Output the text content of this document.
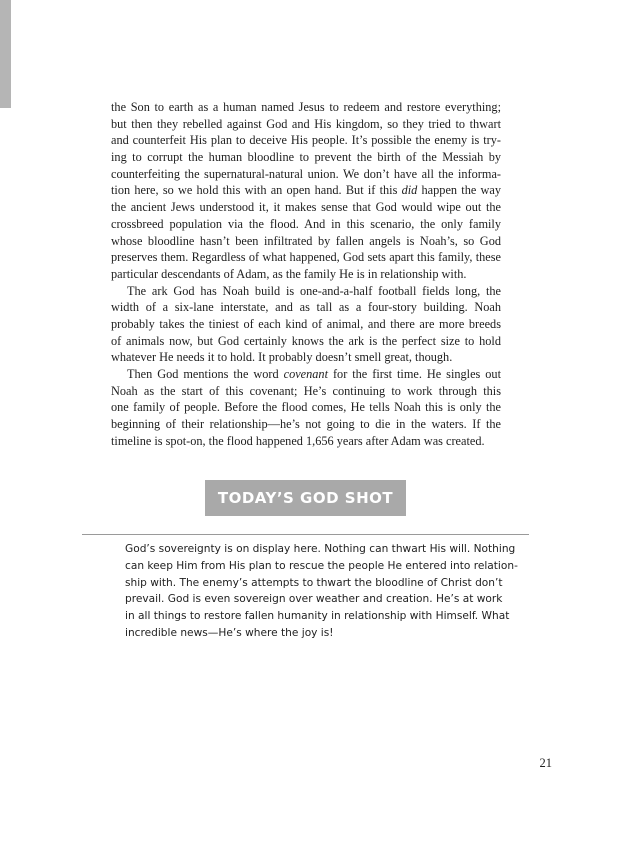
the Son to earth as a human named Jesus to redeem and restore everything;
but then they rebelled against God and His kingdom, so they tried to thwart
and counterfeit His plan to deceive His people. It’s possible the enemy is try-
ing to corrupt the human bloodline to prevent the birth of the Messiah by
counterfeiting the supernatural-natural union. We don’t have all the informa-
tion here, so we hold this with an open hand. But if this did happen the way
the ancient Jews understood it, it makes sense that God would wipe out the
crossbreed population via the flood. And in this scenario, the only family
whose bloodline hasn’t been infiltrated by fallen angels is Noah’s, so God
preserves them. Regardless of what happened, God sets apart this family, these
particular descendants of Adam, as the family He is in relationship with.
The ark God has Noah build is one-and-a-half football fields long, the
width of a six-lane interstate, and as tall as a four-story building. Noah
probably takes the tiniest of each kind of animal, and there are more breeds
of animals now, but God certainly knows the ark is the perfect size to hold
whatever He needs it to hold. It probably doesn’t smell great, though.
Then God mentions the word covenant for the first time. He singles out
Noah as the start of this covenant; He’s continuing to work through this
one family of people. Before the flood comes, He tells Noah this is only the
beginning of their relationship—he’s not going to die in the waters. If the
timeline is spot-on, the flood happened 1,656 years after Adam was created.
TODAY’S GOD SHOT
God’s sovereignty is on display here. Nothing can thwart His will. Nothing
can keep Him from His plan to rescue the people He entered into relation-
ship with. The enemy’s attempts to thwart the bloodline of Christ don’t
prevail. God is even sovereign over weather and creation. He’s at work
in all things to restore fallen humanity in relationship with Himself. What
incredible news—He’s where the joy is!
21
